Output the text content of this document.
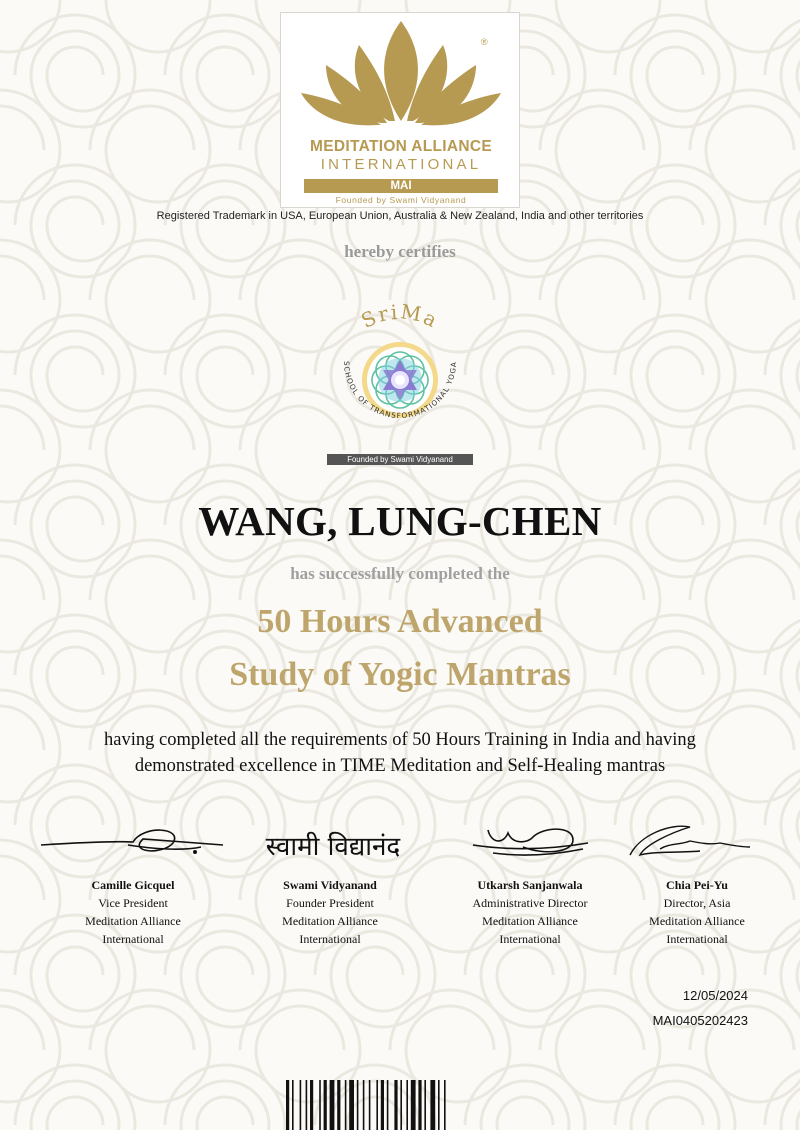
®
MEDITATION ALLIANCE
INTERNATIONAL
MAI
Founded by Swami Vidyanand
Registered Trademark in USA, European Union, Australia & New Zealand, India and other territories
hereby certifies
SriMa
SCHOOL OF TRANSFORMATIONAL YOGA
Founded by Swami Vidyanand
WANG, LUNG-CHEN
has successfully completed the
50 Hours Advanced
Study of Yogic Mantras
having completed all the requirements of 50 Hours Training in India and having
demonstrated excellence in TIME Meditation and Self-Healing mantras
स्वामी विद्यानंद
Camille Gicquel
Vice President
Meditation Alliance
International
Swami Vidyanand
Founder President
Meditation Alliance
International
Utkarsh Sanjanwala
Administrative Director
Meditation Alliance
International
Chia Pei-Yu
Director, Asia
Meditation Alliance
International
12/05/2024
MAI0405202423
